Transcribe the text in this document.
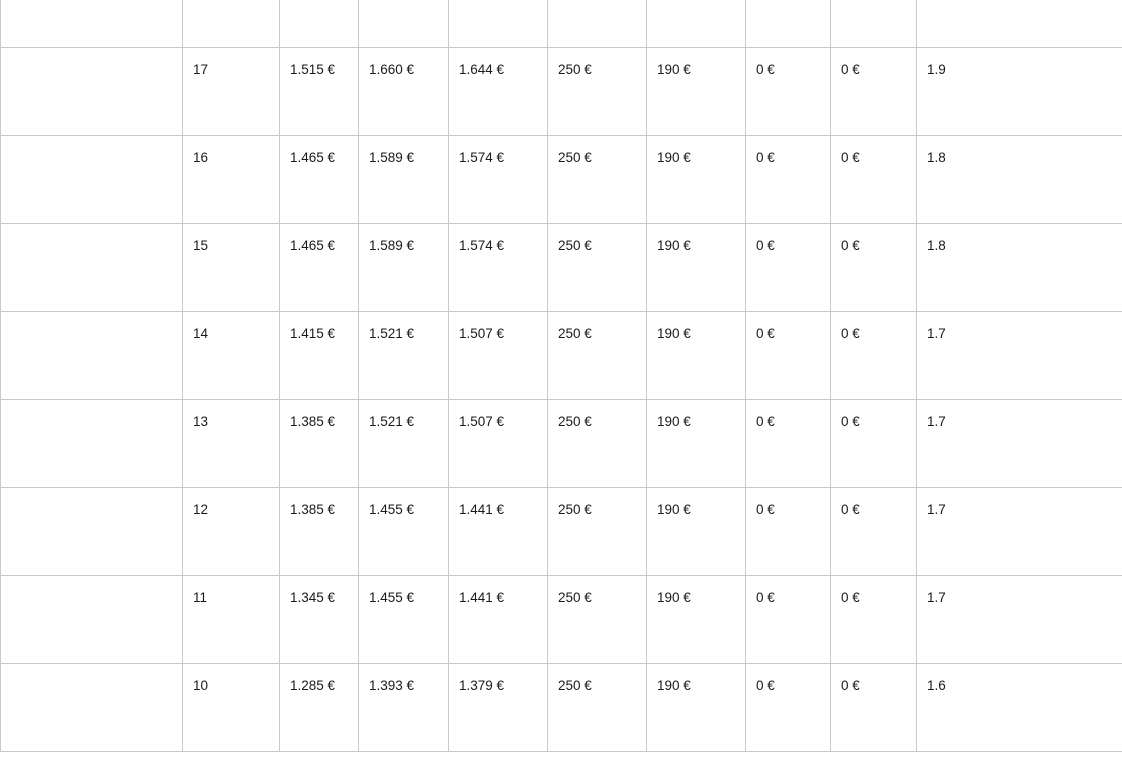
	17	1.515 €	1.660 €	1.644 €	250 €	190 €	0 €	0 €	1.9
	16	1.465 €	1.589 €	1.574 €	250 €	190 €	0 €	0 €	1.8
	15	1.465 €	1.589 €	1.574 €	250 €	190 €	0 €	0 €	1.8
	14	1.415 €	1.521 €	1.507 €	250 €	190 €	0 €	0 €	1.7
	13	1.385 €	1.521 €	1.507 €	250 €	190 €	0 €	0 €	1.7
	12	1.385 €	1.455 €	1.441 €	250 €	190 €	0 €	0 €	1.7
	11	1.345 €	1.455 €	1.441 €	250 €	190 €	0 €	0 €	1.7
	10	1.285 €	1.393 €	1.379 €	250 €	190 €	0 €	0 €	1.6
